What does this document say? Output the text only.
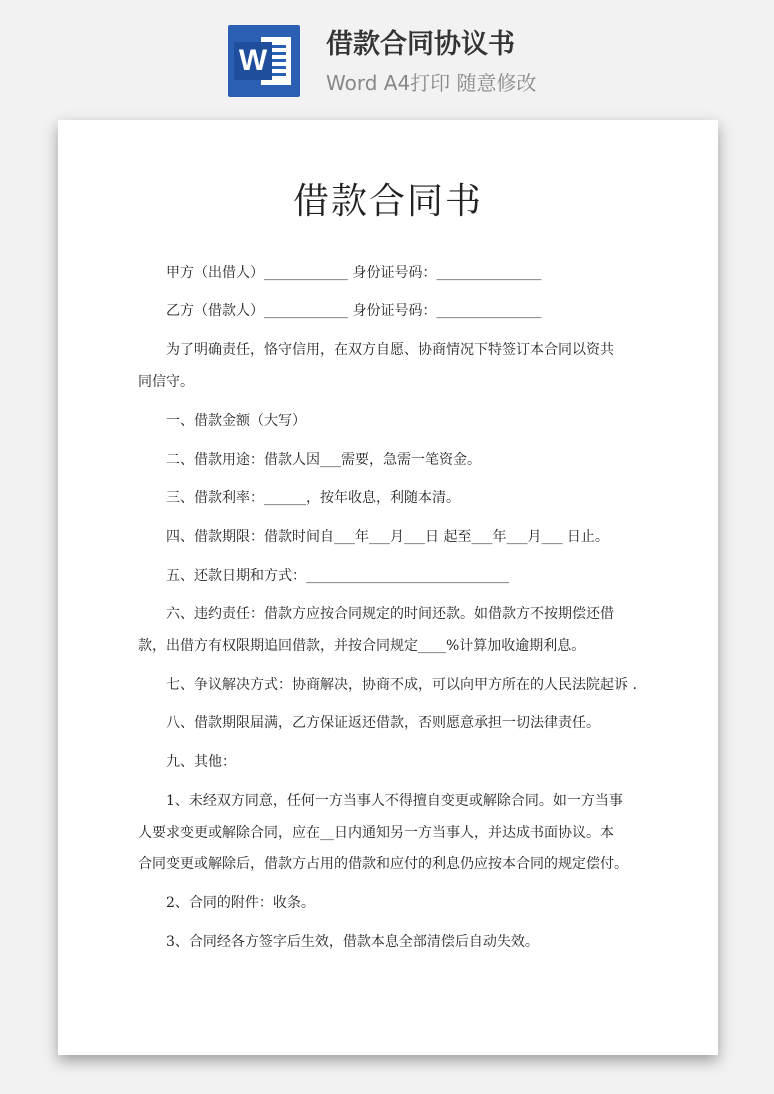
W 借款合同协议书
Word A4打印 随意修改
借款合同书
甲方（出借人）____________ 身份证号码：_______________
乙方（借款人）____________ 身份证号码：_______________
为了明确责任，恪守信用，在双方自愿、协商情况下特签订本合同以资共
同信守。
一、借款金额（大写）
二、借款用途：借款人因___需要，急需一笔资金。
三、借款利率：______，按年收息，利随本清。
四、借款期限：借款时间自___年___月___日 起至___年___月___ 日止。
五、还款日期和方式：_____________________________
六、违约责任：借款方应按合同规定的时间还款。如借款方不按期偿还借
款，出借方有权限期追回借款，并按合同规定____%计算加收逾期利息。
七、争议解决方式：协商解决，协商不成，可以向甲方所在的人民法院起诉 .
八、借款期限届满，乙方保证返还借款，否则愿意承担一切法律责任。
九、其他：
1、未经双方同意，任何一方当事人不得擅自变更或解除合同。如一方当事
人要求变更或解除合同，应在__日内通知另一方当事人，并达成书面协议。本
合同变更或解除后，借款方占用的借款和应付的利息仍应按本合同的规定偿付。
2、合同的附件：收条。
3、合同经各方签字后生效，借款本息全部清偿后自动失效。
